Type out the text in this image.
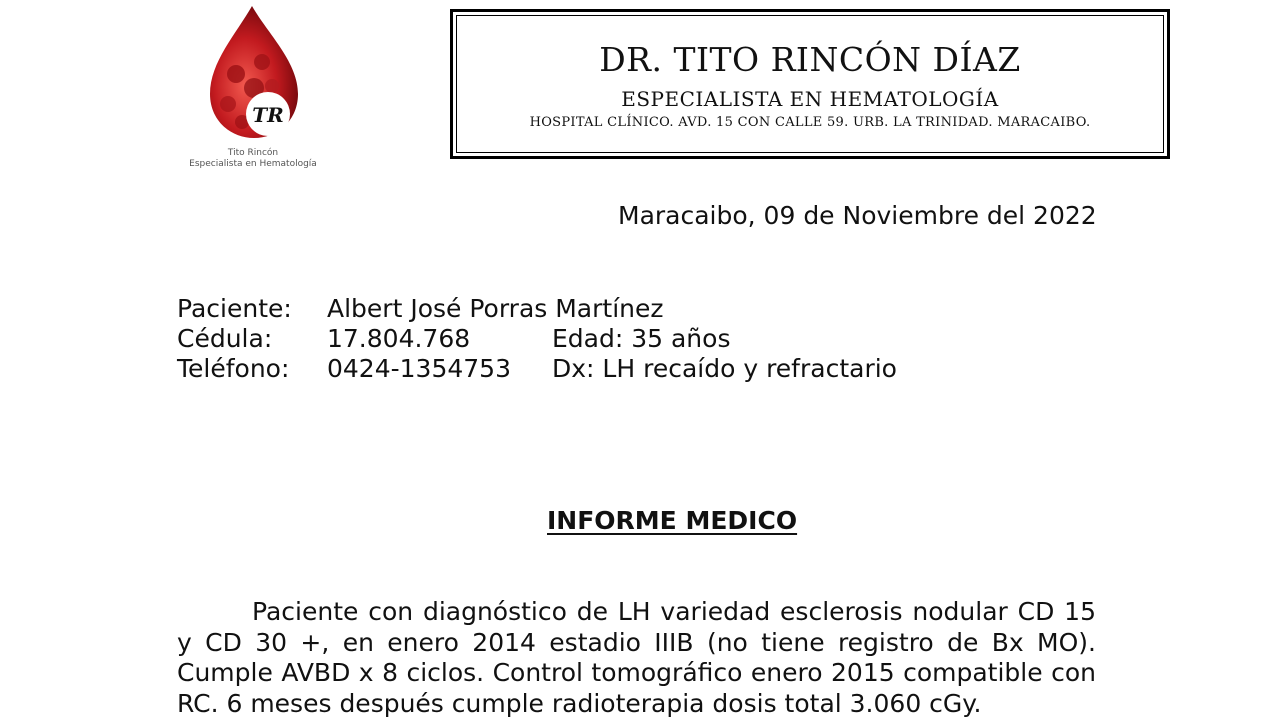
TR
Tito Rincón
Especialista en Hematología
DR. TITO RINCÓN DÍAZ
ESPECIALISTA EN HEMATOLOGÍA
HOSPITAL CLÍNICO. AVD. 15 CON CALLE 59. URB. LA TRINIDAD. MARACAIBO.
Maracaibo, 09 de Noviembre del 2022
Paciente: Albert José Porras Martínez
Cédula: 17.804.768	Edad: 35 años
Teléfono: 0424-1354753 Dx: LH recaído y refractario
INFORME MEDICO
Paciente con diagnóstico de LH variedad esclerosis nodular CD 15 y CD 30 +, en enero 2014 estadio IIIB (no tiene registro de Bx MO). Cumple AVBD x 8 ciclos. Control tomográfico enero 2015 compatible con RC. 6 meses después cumple radioterapia dosis total 3.060 cGy.
